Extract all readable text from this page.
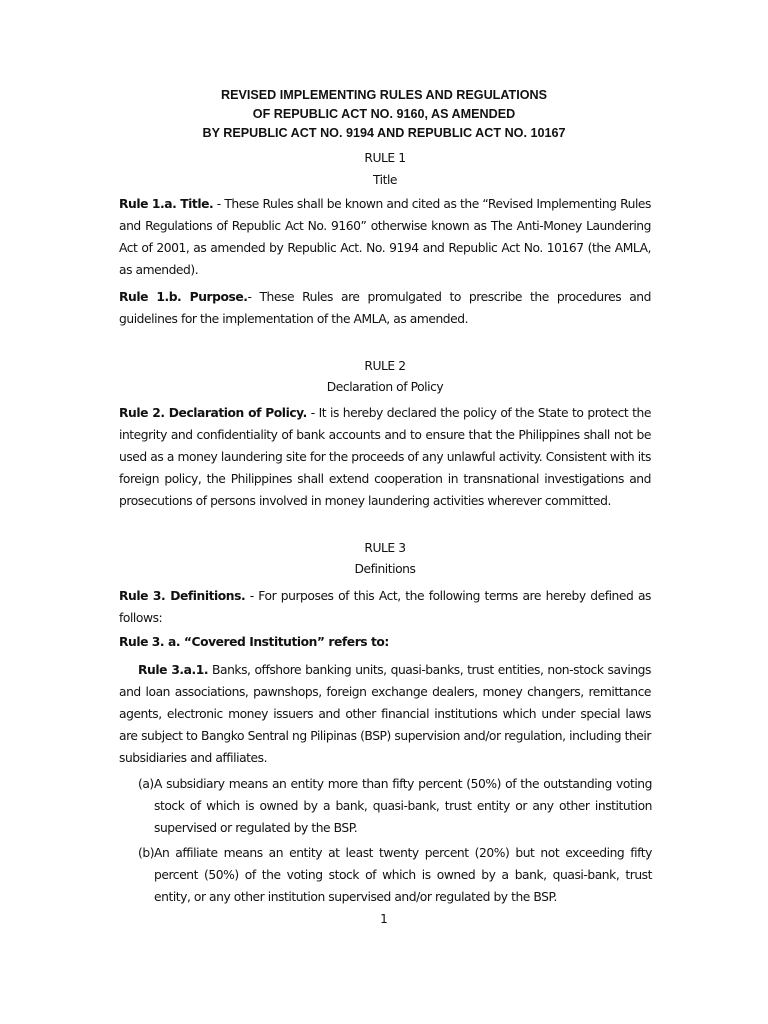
REVISED IMPLEMENTING RULES AND REGULATIONS
OF REPUBLIC ACT NO. 9160, AS AMENDED
BY REPUBLIC ACT NO. 9194 AND REPUBLIC ACT NO. 10167
RULE 1
Title
Rule 1.a. Title. - These Rules shall be known and cited as the “Revised Implementing Rules and Regulations of Republic Act No. 9160” otherwise known as The Anti-Money Laundering Act of 2001, as amended by Republic Act. No. 9194 and Republic Act No. 10167 (the AMLA, as amended).
Rule 1.b. Purpose.- These Rules are promulgated to prescribe the procedures and guidelines for the implementation of the AMLA, as amended.
RULE 2
Declaration of Policy
Rule 2. Declaration of Policy. - It is hereby declared the policy of the State to protect the integrity and confidentiality of bank accounts and to ensure that the Philippines shall not be used as a money laundering site for the proceeds of any unlawful activity. Consistent with its foreign policy, the Philippines shall extend cooperation in transnational investigations and prosecutions of persons involved in money laundering activities wherever committed.
RULE 3
Definitions
Rule 3. Definitions. - For purposes of this Act, the following terms are hereby defined as follows:
Rule 3. a. “Covered Institution” refers to:
Rule 3.a.1. Banks, offshore banking units, quasi-banks, trust entities, non-stock savings and loan associations, pawnshops, foreign exchange dealers, money changers, remittance agents, electronic money issuers and other financial institutions which under special laws are subject to Bangko Sentral ng Pilipinas (BSP) supervision and/or regulation, including their subsidiaries and affiliates.
(a) A subsidiary means an entity more than fifty percent (50%) of the outstanding voting stock of which is owned by a bank, quasi-bank, trust entity or any other institution supervised or regulated by the BSP.
(b) An affiliate means an entity at least twenty percent (20%) but not exceeding fifty percent (50%) of the voting stock of which is owned by a bank, quasi-bank, trust entity, or any other institution supervised and/or regulated by the BSP.
1
